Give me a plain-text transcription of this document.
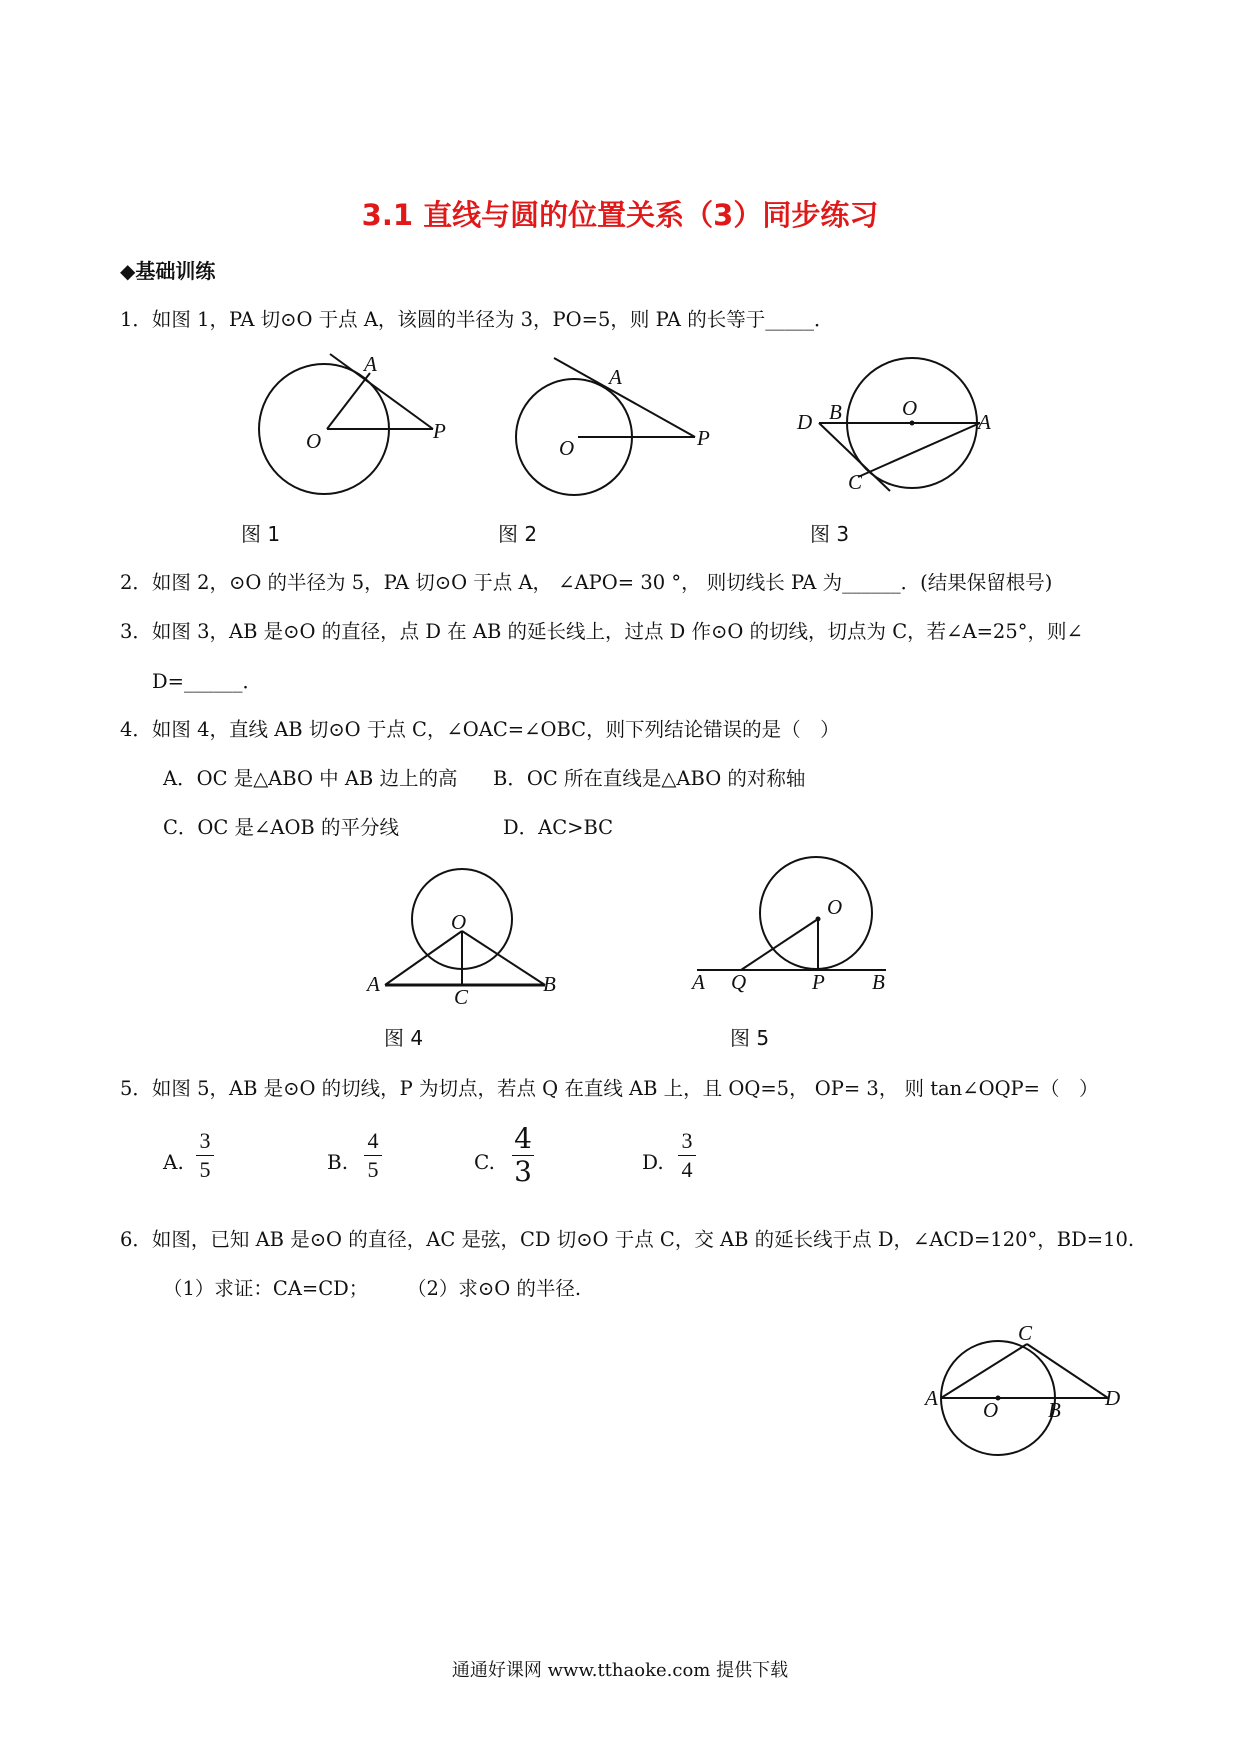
3.1 直线与圆的位置关系（3）同步练习
◆基础训练
1．如图 1，PA 切⊙O 于点 A，该圆的半径为 3，PO=5，则 PA 的长等于_____．
A
O	P
图 1
A
O	P
图 2
D B	O
A
C
图 3
2．如图 2，⊙O 的半径为 5，PA 切⊙O 于点 A， ∠APO= 30 °， 则切线长 PA 为______．(结果保留根号)
3．如图 3，AB 是⊙O 的直径，点 D 在 AB 的延长线上，过点 D 作⊙O 的切线，切点为 C，若∠A=25°，则∠
D=______．
4．如图 4，直线 AB 切⊙O 于点 C，∠OAC=∠OBC，则下列结论错误的是（　）
A．OC 是△ABO 中 AB 边上的高 B．OC 所在直线是△ABO 的对称轴
C．OC 是∠AOB 的平分线	D．AC>BC
O
A
C
B
图 4
O
A Q	P B
图 5
5．如图 5，AB 是⊙O 的切线，P 为切点，若点 Q 在直线 AB 上，且 OQ=5， OP= 3， 则 tan∠OQP=（　）
A.
3
5	B.
4
5	C.
4
3	D.
3
4
6．如图，已知 AB 是⊙O 的直径，AC 是弦，CD 切⊙O 于点 C，交 AB 的延长线于点 D，∠ACD=120°，BD=10.
（1）求证：CA=CD； （2）求⊙O 的半径.
C
A O B D
通通好课网 www.tthaoke.com 提供下载
